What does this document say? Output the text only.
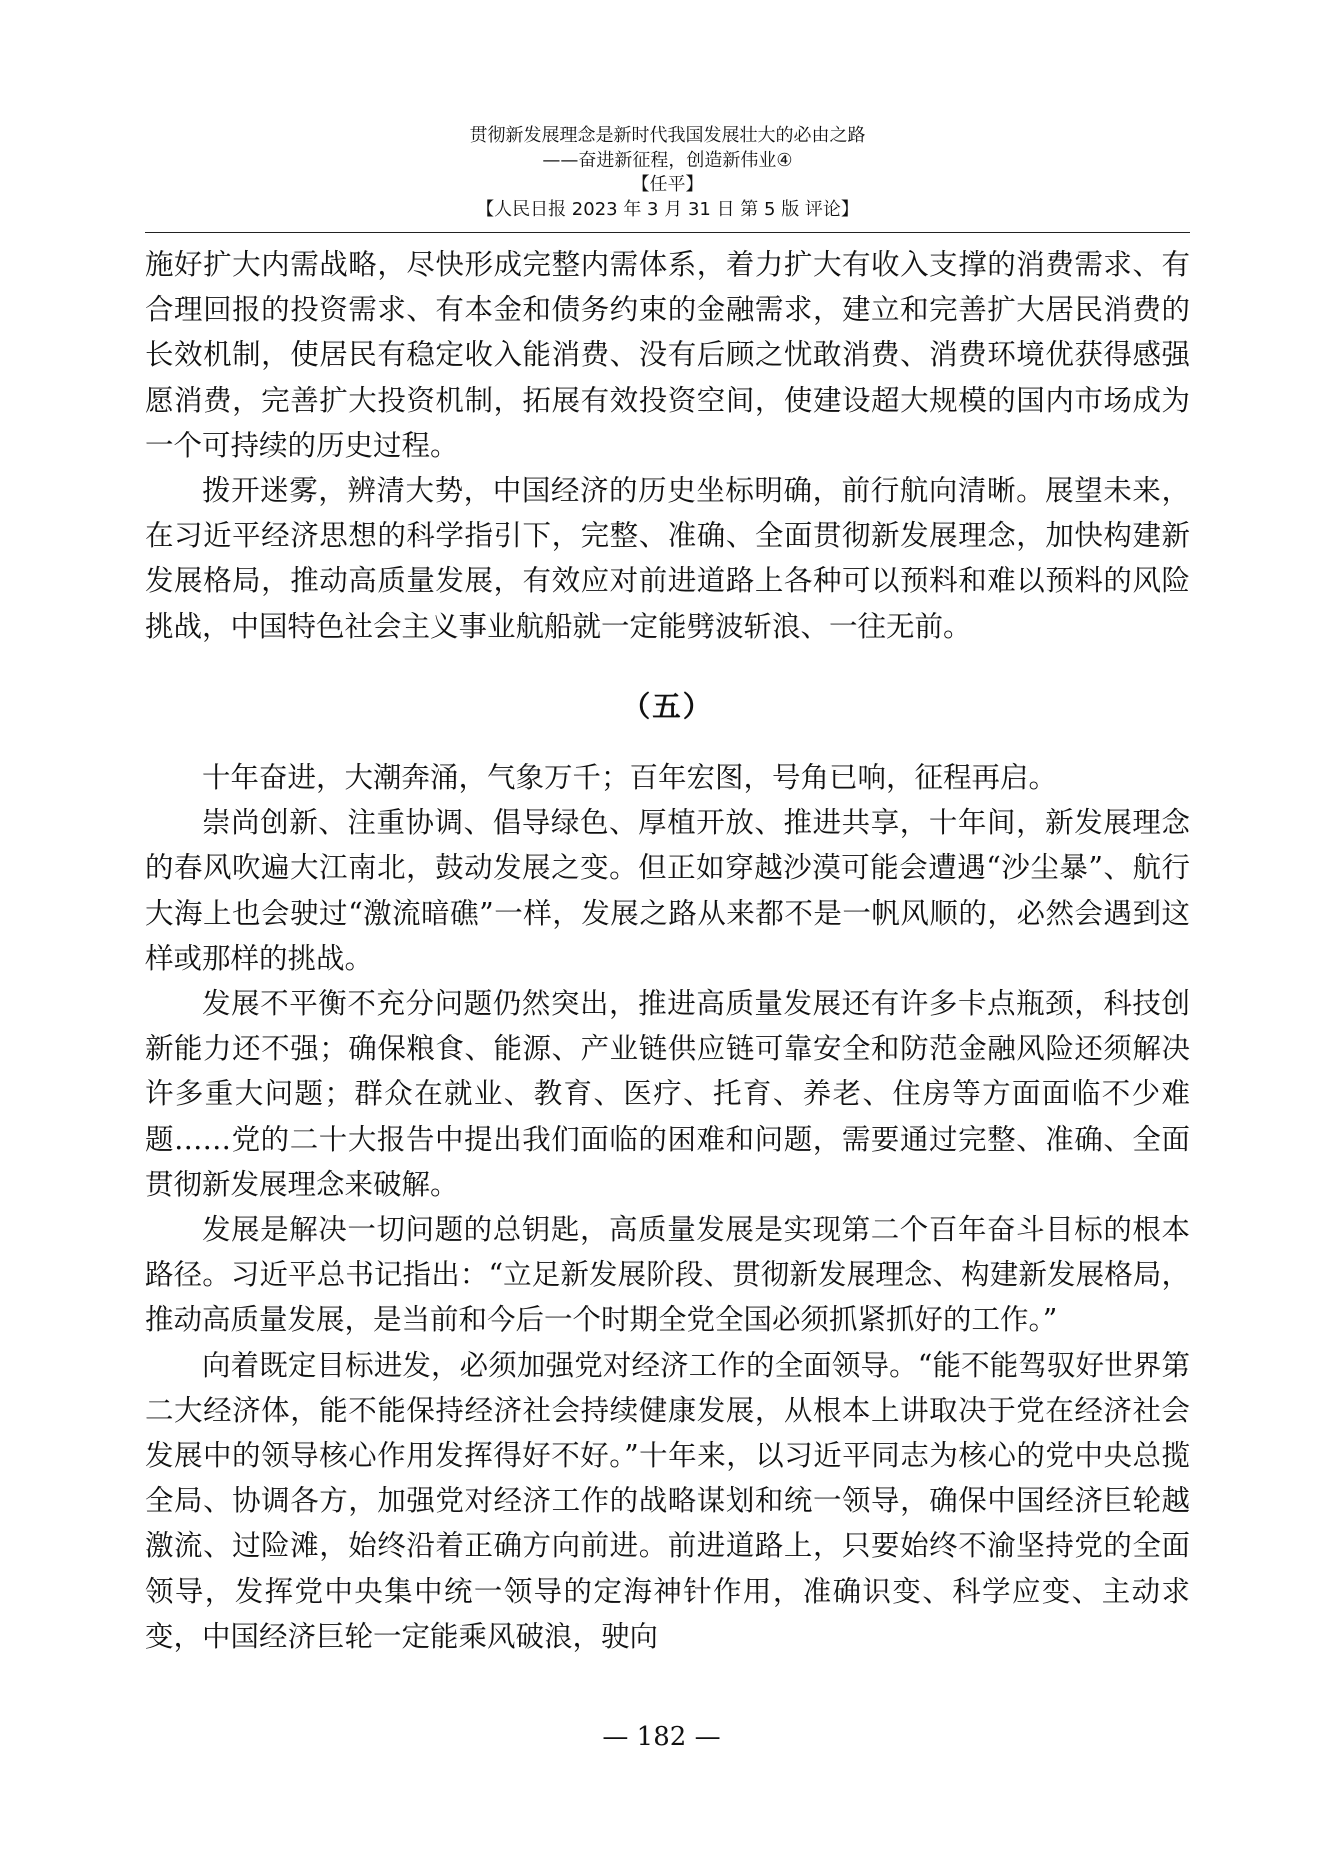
贯彻新发展理念是新时代我国发展壮大的必由之路
——奋进新征程，创造新伟业④
【任平】
【人民日报 2023 年 3 月 31 日 第 5 版 评论】

施好扩大内需战略，尽快形成完整内需体系，着力扩大有收入支撑的消费需求、有合理回报的投资需求、有本金和债务约束的金融需求，建立和完善扩大居民消费的长效机制，使居民有稳定收入能消费、没有后顾之忧敢消费、消费环境优获得感强愿消费，完善扩大投资机制，拓展有效投资空间，使建设超大规模的国内市场成为一个可持续的历史过程。

拨开迷雾，辨清大势，中国经济的历史坐标明确，前行航向清晰。展望未来，在习近平经济思想的科学指引下，完整、准确、全面贯彻新发展理念，加快构建新发展格局，推动高质量发展，有效应对前进道路上各种可以预料和难以预料的风险挑战，中国特色社会主义事业航船就一定能劈波斩浪、一往无前。

（五）

十年奋进，大潮奔涌，气象万千；百年宏图，号角已响，征程再启。

崇尚创新、注重协调、倡导绿色、厚植开放、推进共享，十年间，新发展理念的春风吹遍大江南北，鼓动发展之变。但正如穿越沙漠可能会遭遇“沙尘暴”、航行大海上也会驶过“激流暗礁”一样，发展之路从来都不是一帆风顺的，必然会遇到这样或那样的挑战。

发展不平衡不充分问题仍然突出，推进高质量发展还有许多卡点瓶颈，科技创新能力还不强；确保粮食、能源、产业链供应链可靠安全和防范金融风险还须解决许多重大问题；群众在就业、教育、医疗、托育、养老、住房等方面面临不少难题……党的二十大报告中提出我们面临的困难和问题，需要通过完整、准确、全面贯彻新发展理念来破解。

发展是解决一切问题的总钥匙，高质量发展是实现第二个百年奋斗目标的根本路径。习近平总书记指出：“立足新发展阶段、贯彻新发展理念、构建新发展格局，推动高质量发展，是当前和今后一个时期全党全国必须抓紧抓好的工作。”

向着既定目标进发，必须加强党对经济工作的全面领导。“能不能驾驭好世界第二大经济体，能不能保持经济社会持续健康发展，从根本上讲取决于党在经济社会发展中的领导核心作用发挥得好不好。”十年来，以习近平同志为核心的党中央总揽全局、协调各方，加强党对经济工作的战略谋划和统一领导，确保中国经济巨轮越激流、过险滩，始终沿着正确方向前进。前进道路上，只要始终不渝坚持党的全面领导，发挥党中央集中统一领导的定海神针作用，准确识变、科学应变、主动求变，中国经济巨轮一定能乘风破浪，驶向

— 182 —
